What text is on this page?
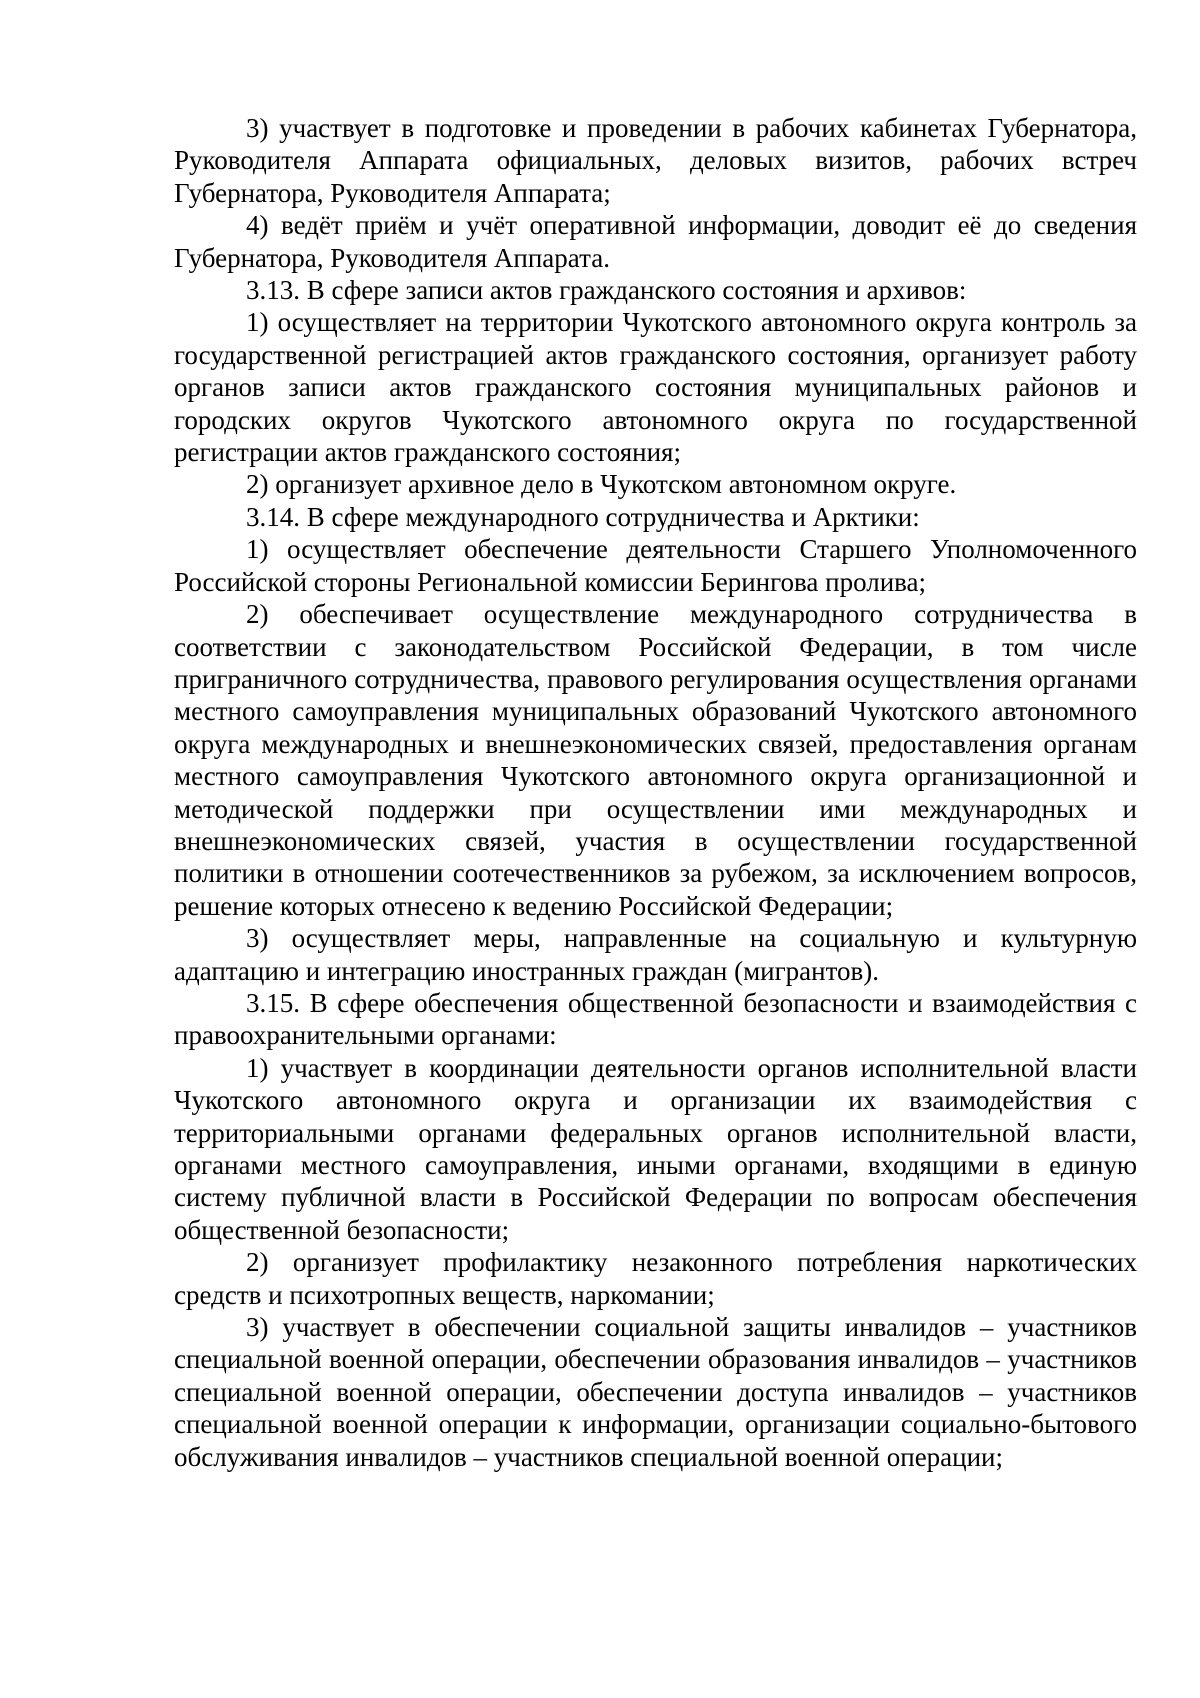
3) участвует в подготовке и проведении в рабочих кабинетах Губернатора, Руководителя Аппарата официальных, деловых визитов, рабочих встреч Губернатора, Руководителя Аппарата;

4) ведёт приём и учёт оперативной информации, доводит её до сведения Губернатора, Руководителя Аппарата.

3.13. В сфере записи актов гражданского состояния и архивов:

1) осуществляет на территории Чукотского автономного округа контроль за государственной регистрацией актов гражданского состояния, организует работу органов записи актов гражданского состояния муниципальных районов и городских округов Чукотского автономного округа по государственной регистрации актов гражданского состояния;

2) организует архивное дело в Чукотском автономном округе.

3.14. В сфере международного сотрудничества и Арктики:

1) осуществляет обеспечение деятельности Старшего Уполномоченного Российской стороны Региональной комиссии Берингова пролива;

2) обеспечивает осуществление международного сотрудничества в соответствии с законодательством Российской Федерации, в том числе приграничного сотрудничества, правового регулирования осуществления органами местного самоуправления муниципальных образований Чукотского автономного округа международных и внешнеэкономических связей, предоставления органам местного самоуправления Чукотского автономного округа организационной и методической поддержки при осуществлении ими международных и внешнеэкономических связей, участия в осуществлении государственной политики в отношении соотечественников за рубежом, за исключением вопросов, решение которых отнесено к ведению Российской Федерации;

3) осуществляет меры, направленные на социальную и культурную адаптацию и интеграцию иностранных граждан (мигрантов).

3.15. В сфере обеспечения общественной безопасности и взаимодействия с правоохранительными органами:

1) участвует в координации деятельности органов исполнительной власти Чукотского автономного округа и организации их взаимодействия с территориальными органами федеральных органов исполнительной власти, органами местного самоуправления, иными органами, входящими в единую систему публичной власти в Российской Федерации по вопросам обеспечения общественной безопасности;

2) организует профилактику незаконного потребления наркотических средств и психотропных веществ, наркомании;

3) участвует в обеспечении социальной защиты инвалидов – участников специальной военной операции, обеспечении образования инвалидов – участников специальной военной операции, обеспечении доступа инвалидов – участников специальной военной операции к информации, организации социально-бытового обслуживания инвалидов – участников специальной военной операции;
